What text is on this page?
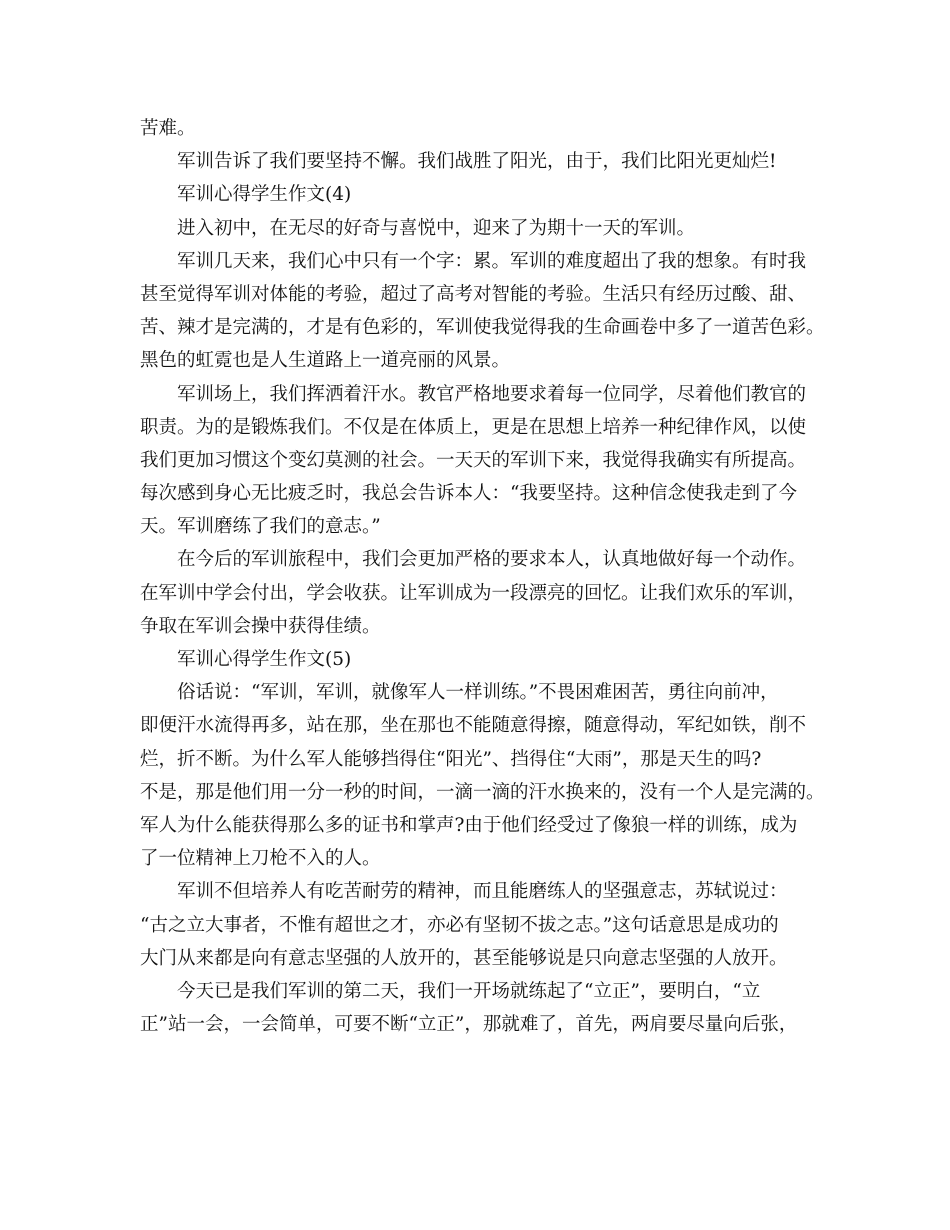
苦难。

军训告诉了我们要坚持不懈。我们战胜了阳光，由于，我们比阳光更灿烂!

军训心得学生作文(4)

进入初中，在无尽的好奇与喜悦中，迎来了为期十一天的军训。

军训几天来，我们心中只有一个字：累。军训的难度超出了我的想象。有时我

甚至觉得军训对体能的考验，超过了高考对智能的考验。生活只有经历过酸、甜、

苦、辣才是完满的，才是有色彩的，军训使我觉得我的生命画卷中多了一道苦色彩。

黑色的虹霓也是人生道路上一道亮丽的风景。

军训场上，我们挥洒着汗水。教官严格地要求着每一位同学，尽着他们教官的

职责。为的是锻炼我们。不仅是在体质上，更是在思想上培养一种纪律作风，以使

我们更加习惯这个变幻莫测的社会。一天天的军训下来，我觉得我确实有所提高。

每次感到身心无比疲乏时，我总会告诉本人：“我要坚持。这种信念使我走到了今

天。军训磨练了我们的意志。”

在今后的军训旅程中，我们会更加严格的要求本人，认真地做好每一个动作。

在军训中学会付出，学会收获。让军训成为一段漂亮的回忆。让我们欢乐的军训，

争取在军训会操中获得佳绩。

军训心得学生作文(5)

俗话说：“军训，军训，就像军人一样训练。”不畏困难困苦，勇往向前冲，

即便汗水流得再多，站在那，坐在那也不能随意得擦，随意得动，军纪如铁，削不

烂，折不断。为什么军人能够挡得住“阳光”、挡得住“大雨”，那是天生的吗?

不是，那是他们用一分一秒的时间，一滴一滴的汗水换来的，没有一个人是完满的。

军人为什么能获得那么多的证书和掌声?由于他们经受过了像狼一样的训练，成为

了一位精神上刀枪不入的人。

军训不但培养人有吃苦耐劳的精神，而且能磨练人的坚强意志，苏轼说过：

“古之立大事者，不惟有超世之才，亦必有坚韧不拔之志。”这句话意思是成功的

大门从来都是向有意志坚强的人放开的，甚至能够说是只向意志坚强的人放开。

今天已是我们军训的第二天，我们一开场就练起了“立正”，要明白，“立

正”站一会，一会简单，可要不断“立正”，那就难了，首先，两肩要尽量向后张，
